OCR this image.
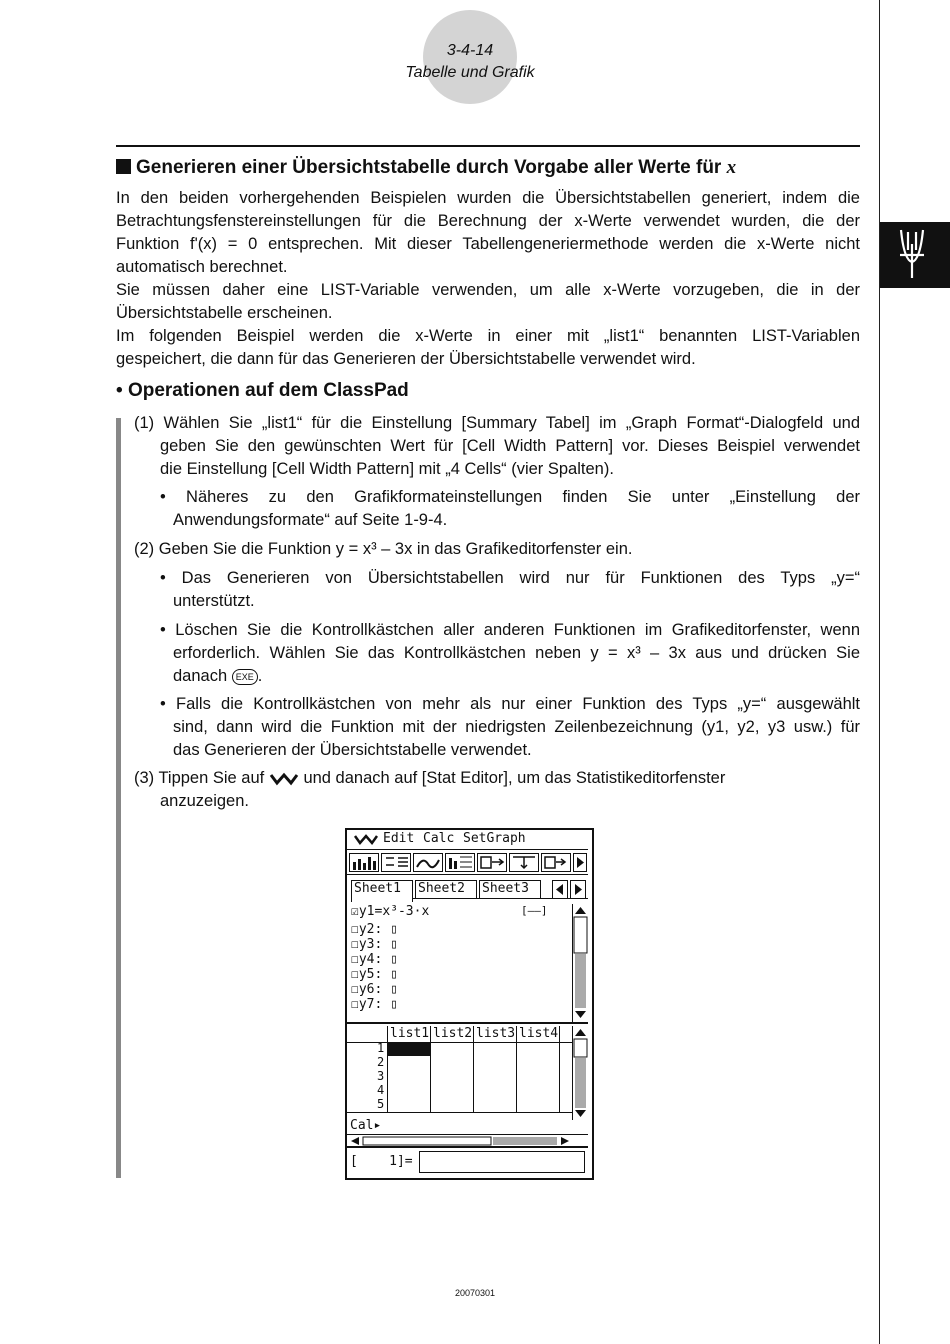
3-4-14
Tabelle und Grafik
Generieren einer Übersichtstabelle durch Vorgabe aller Werte für x
In den beiden vorhergehenden Beispielen wurden die Übersichtstabellen generiert, indem die
Betrachtungsfenstereinstellungen für die Berechnung der x-Werte verwendet wurden, die der
Funktion f'(x) = 0 entsprechen. Mit dieser Tabellengeneriermethode werden die x-Werte nicht
automatisch berechnet.
Sie müssen daher eine LIST-Variable verwenden, um alle x-Werte vorzugeben, die in der
Übersichtstabelle erscheinen.
Im folgenden Beispiel werden die x-Werte in einer mit „list1“ benannten LIST-Variablen
gespeichert, die dann für das Generieren der Übersichtstabelle verwendet wird.
• Operationen auf dem ClassPad
(1) Wählen Sie „list1“ für die Einstellung [Summary Tabel] im „Graph Format“-Dialogfeld und
geben Sie den gewünschten Wert für [Cell Width Pattern] vor. Dieses Beispiel verwendet
die Einstellung [Cell Width Pattern] mit „4 Cells“ (vier Spalten).
• Näheres zu den Grafikformateinstellungen finden Sie unter „Einstellung der
Anwendungsformate“ auf Seite 1-9-4.
(2) Geben Sie die Funktion y = x³ – 3x in das Grafikeditorfenster ein.
• Das Generieren von Übersichtstabellen wird nur für Funktionen des Typs „y=“
unterstützt.
• Löschen Sie die Kontrollkästchen aller anderen Funktionen im Grafikeditorfenster, wenn
erforderlich. Wählen Sie das Kontrollkästchen neben y = x³ – 3x aus und drücken Sie
danach EXE .
• Falls die Kontrollkästchen von mehr als nur einer Funktion des Typs „y=“ ausgewählt
sind, dann wird die Funktion mit der niedrigsten Zeilenbezeichnung (y1, y2, y3 usw.) für
das Generieren der Übersichtstabelle verwendet.
(3) Tippen Sie auf und danach auf [Stat Editor], um das Statistikeditorfenster
anzuzeigen.
Edit Calc SetGraph
Sheet1	Sheet2	Sheet3
☑y1=x³-3·x	[——]
☐y2: ▯
☐y3: ▯
☐y4: ▯
☐y5: ▯
☐y6: ▯
☐y7: ▯
list1 list2 list3 list4
1
2
3
4
5
Cal▸
[    1]=
20070301
